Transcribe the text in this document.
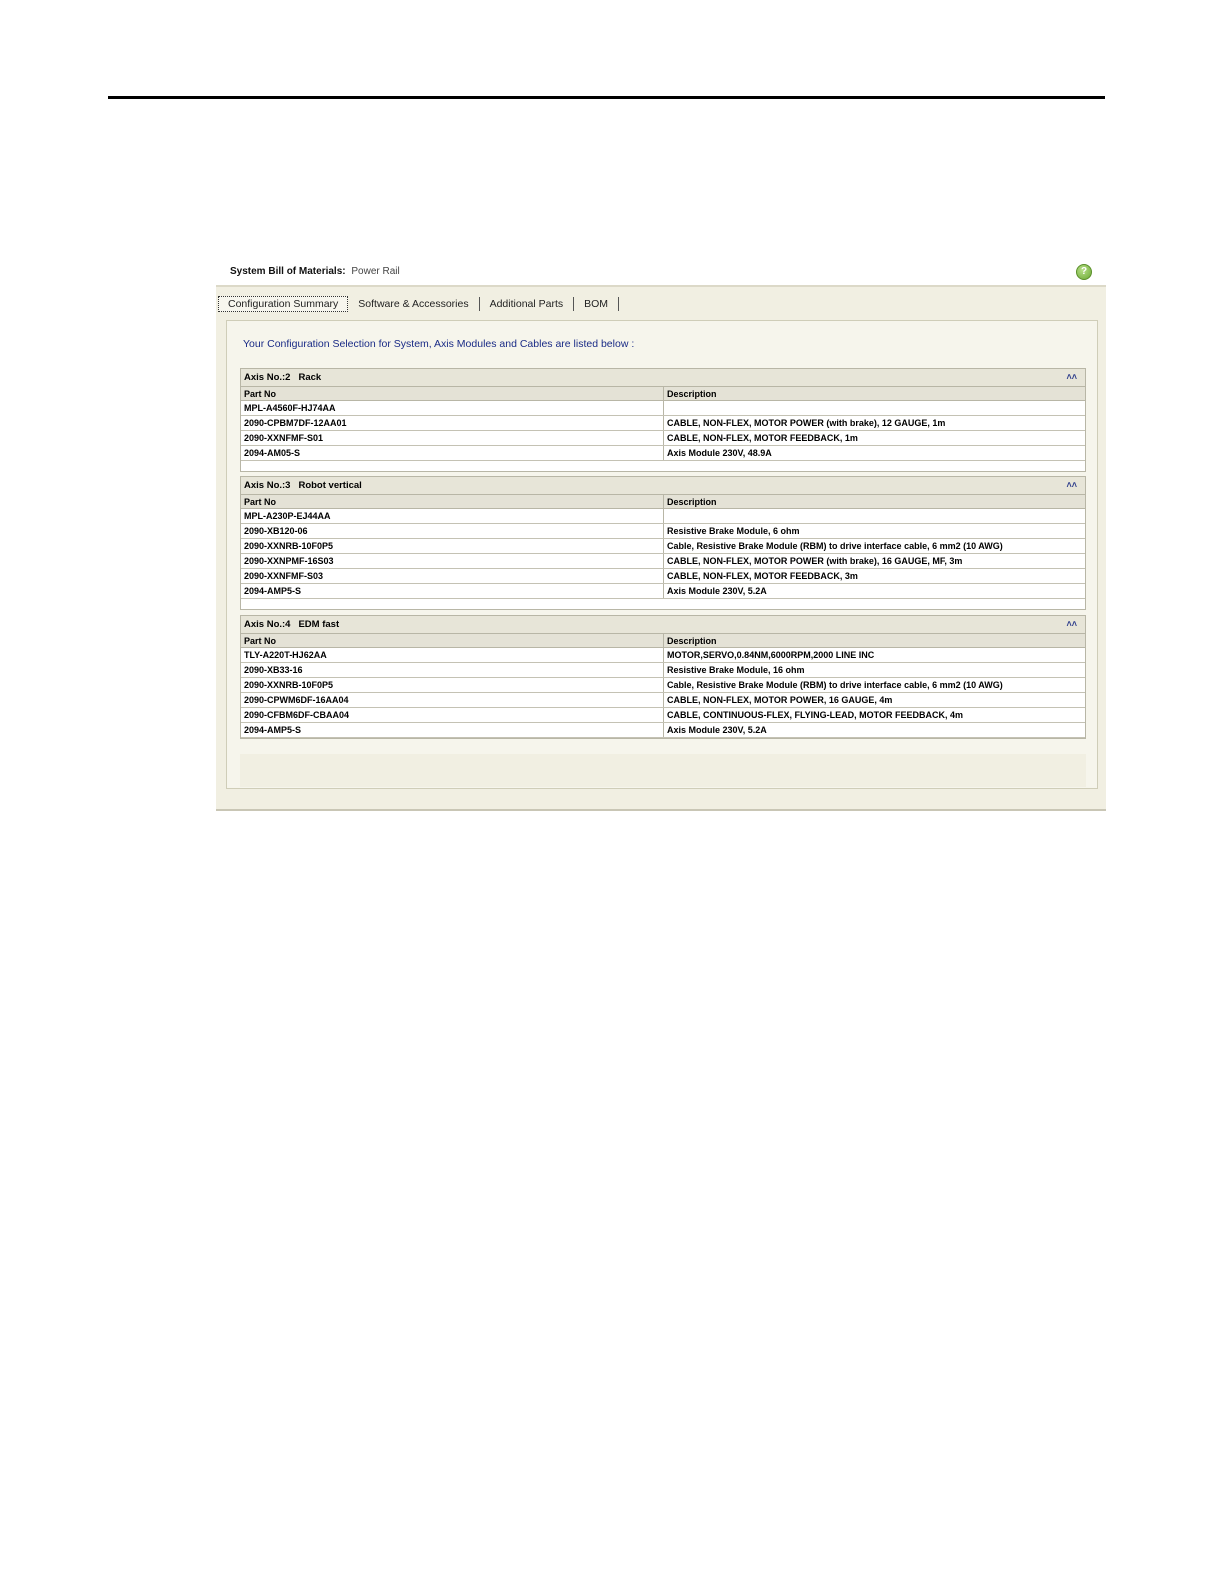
System Bill of Materials: Power Rail	?
Configuration Summary	Software & Accessories	Additional Parts	BOM
Your Configuration Selection for System, Axis Modules and Cables are listed below :
Axis No.:2 Rack	˄˄
Part No	Description
MPL-A4560F-HJ74AA	
2090-CPBM7DF-12AA01	CABLE, NON-FLEX, MOTOR POWER (with brake), 12 GAUGE, 1m
2090-XXNFMF-S01	CABLE, NON-FLEX, MOTOR FEEDBACK, 1m
2094-AM05-S	Axis Module 230V, 48.9A
Axis No.:3 Robot vertical	˄˄
Part No	Description
MPL-A230P-EJ44AA	
2090-XB120-06	Resistive Brake Module, 6 ohm
2090-XXNRB-10F0P5	Cable, Resistive Brake Module (RBM) to drive interface cable, 6 mm2 (10 AWG)
2090-XXNPMF-16S03	CABLE, NON-FLEX, MOTOR POWER (with brake), 16 GAUGE, MF, 3m
2090-XXNFMF-S03	CABLE, NON-FLEX, MOTOR FEEDBACK, 3m
2094-AMP5-S	Axis Module 230V, 5.2A
Axis No.:4 EDM fast	˄˄
Part No	Description
TLY-A220T-HJ62AA	MOTOR,SERVO,0.84NM,6000RPM,2000 LINE INC
2090-XB33-16	Resistive Brake Module, 16 ohm
2090-XXNRB-10F0P5	Cable, Resistive Brake Module (RBM) to drive interface cable, 6 mm2 (10 AWG)
2090-CPWM6DF-16AA04	CABLE, NON-FLEX, MOTOR POWER, 16 GAUGE, 4m
2090-CFBM6DF-CBAA04	CABLE, CONTINUOUS-FLEX, FLYING-LEAD, MOTOR FEEDBACK, 4m
2094-AMP5-S	Axis Module 230V, 5.2A
